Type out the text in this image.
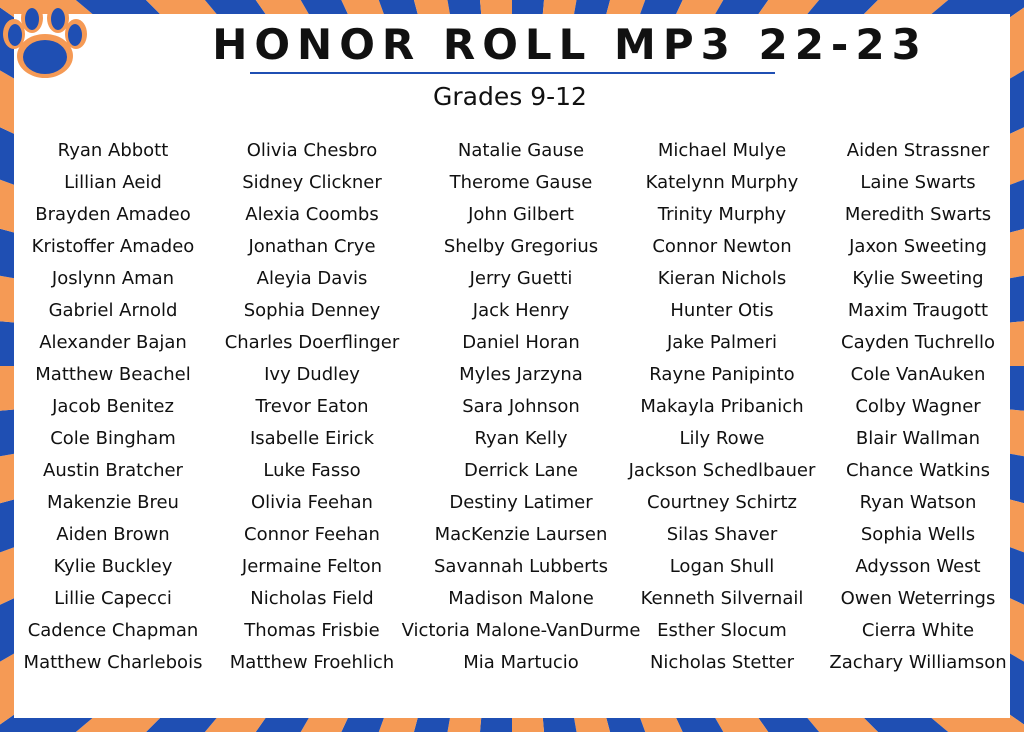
HONOR ROLL MP3 22-23
Grades 9-12
Ryan Abbott
Lillian Aeid
Brayden Amadeo
Kristoffer Amadeo
Joslynn Aman
Gabriel Arnold
Alexander Bajan
Matthew Beachel
Jacob Benitez
Cole Bingham
Austin Bratcher
Makenzie Breu
Aiden Brown
Kylie Buckley
Lillie Capecci
Cadence Chapman
Matthew Charlebois
Olivia Chesbro
Sidney Clickner
Alexia Coombs
Jonathan Crye
Aleyia Davis
Sophia Denney
Charles Doerflinger
Ivy Dudley
Trevor Eaton
Isabelle Eirick
Luke Fasso
Olivia Feehan
Connor Feehan
Jermaine Felton
Nicholas Field
Thomas Frisbie
Matthew Froehlich
Natalie Gause
Therome Gause
John Gilbert
Shelby Gregorius
Jerry Guetti
Jack Henry
Daniel Horan
Myles Jarzyna
Sara Johnson
Ryan Kelly
Derrick Lane
Destiny Latimer
MacKenzie Laursen
Savannah Lubberts
Madison Malone
Victoria Malone-VanDurme
Mia Martucio
Michael Mulye
Katelynn Murphy
Trinity Murphy
Connor Newton
Kieran Nichols
Hunter Otis
Jake Palmeri
Rayne Panipinto
Makayla Pribanich
Lily Rowe
Jackson Schedlbauer
Courtney Schirtz
Silas Shaver
Logan Shull
Kenneth Silvernail
Esther Slocum
Nicholas Stetter
Aiden Strassner
Laine Swarts
Meredith Swarts
Jaxon Sweeting
Kylie Sweeting
Maxim Traugott
Cayden Tuchrello
Cole VanAuken
Colby Wagner
Blair Wallman
Chance Watkins
Ryan Watson
Sophia Wells
Adysson West
Owen Weterrings
Cierra White
Zachary Williamson
